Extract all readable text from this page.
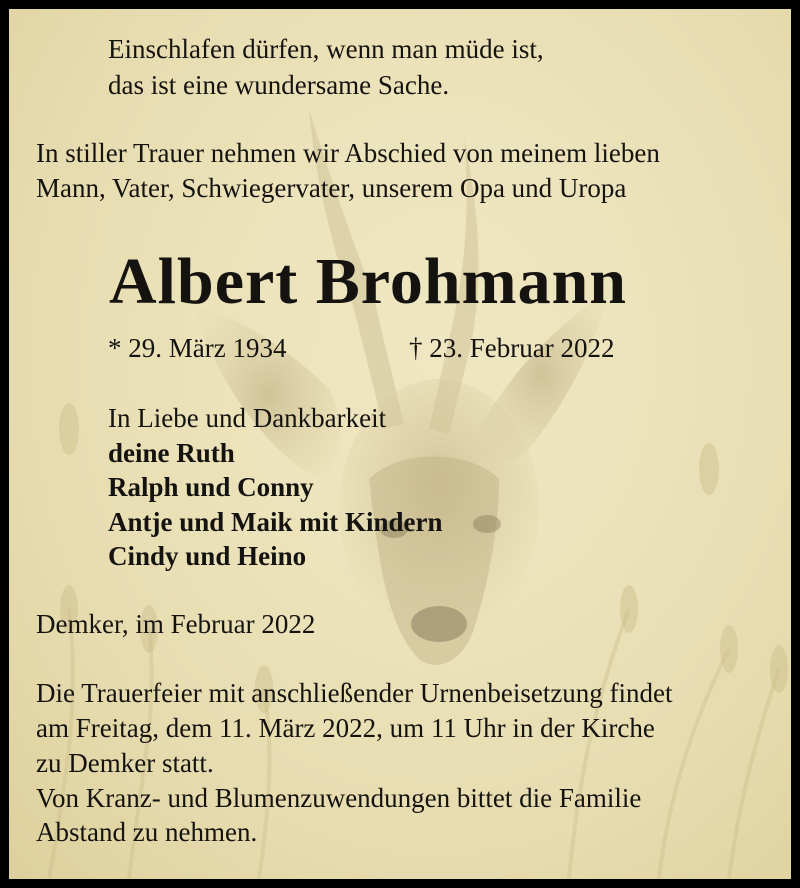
Einschlafen dürfen, wenn man müde ist,

das ist eine wundersame Sache.

In stiller Trauer nehmen wir Abschied von meinem lieben

Mann, Vater, Schwiegervater, unserem Opa und Uropa

Albert Brohmann

* 29. März 1934	† 23. Februar 2022

In Liebe und Dankbarkeit

deine Ruth

Ralph und Conny

Antje und Maik mit Kindern

Cindy und Heino

Demker, im Februar 2022

Die Trauerfeier mit anschließender Urnenbeisetzung findet

am Freitag, dem 11. März 2022, um 11 Uhr in der Kirche

zu Demker statt.

Von Kranz- und Blumenzuwendungen bittet die Familie

Abstand zu nehmen.
